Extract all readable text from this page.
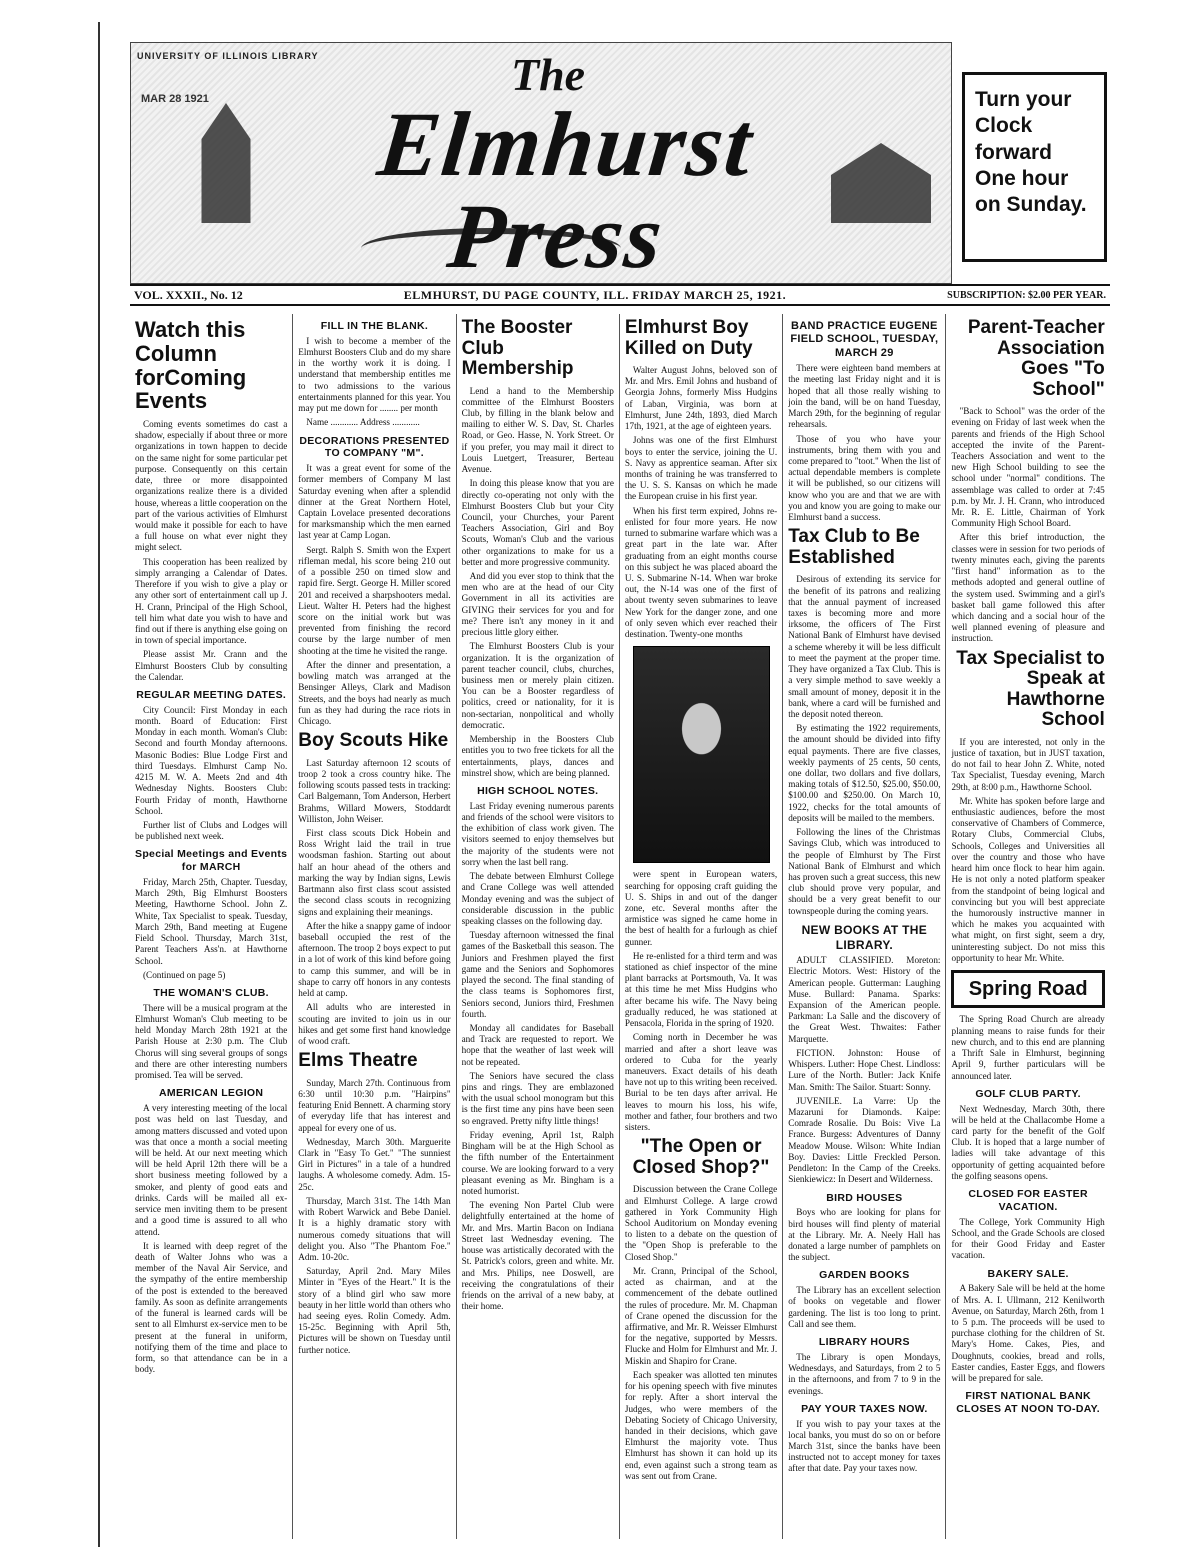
UNIVERSITY OF ILLINOIS LIBRARY
MAR 28 1921	The
Elmhurst Press
Turn your Clock forward One hour on Sunday.
VOL. XXXII., No. 12	ELMHURST, DU PAGE COUNTY, ILL. FRIDAY MARCH 25, 1921.	SUBSCRIPTION: $2.00 PER YEAR.
Watch this Column forComing Events

Coming events sometimes do cast a shadow, especially if about three or more organizations in town happen to decide on the same night for some particular pet purpose. Consequently on this certain date, three or more disappointed organizations realize there is a divided house, whereas a little cooperation on the part of the various activities of Elmhurst would make it possible for each to have a full house on what ever night they might select.

This cooperation has been realized by simply arranging a Calendar of Dates. Therefore if you wish to give a play or any other sort of entertainment call up J. H. Crann, Principal of the High School, tell him what date you wish to have and find out if there is anything else going on in town of special importance.

Please assist Mr. Crann and the Elmhurst Boosters Club by consulting the Calendar.

REGULAR MEETING DATES.

City Council: First Monday in each month. Board of Education: First Monday in each month. Woman's Club: Second and fourth Monday afternoons. Masonic Bodies: Blue Lodge First and third Tuesdays. Elmhurst Camp No. 4215 M. W. A. Meets 2nd and 4th Wednesday Nights. Boosters Club: Fourth Friday of month, Hawthorne School.

Further list of Clubs and Lodges will be published next week.

Special Meetings and Events for MARCH

Friday, March 25th, Chapter. Tuesday, March 29th, Big Elmhurst Boosters Meeting, Hawthorne School. John Z. White, Tax Specialist to speak. Tuesday, March 29th, Band meeting at Eugene Field School. Thursday, March 31st, Parent Teachers Ass'n. at Hawthorne School.

(Continued on page 5)

THE WOMAN'S CLUB.

There will be a musical program at the Elmhurst Woman's Club meeting to be held Monday March 28th 1921 at the Parish House at 2:30 p.m. The Club Chorus will sing several groups of songs and there are other interesting numbers promised. Tea will be served.

AMERICAN LEGION

A very interesting meeting of the local post was held on last Tuesday, and among matters discussed and voted upon was that once a month a social meeting will be held. At our next meeting which will be held April 12th there will be a short business meeting followed by a smoker, and plenty of good eats and drinks. Cards will be mailed all ex-service men inviting them to be present and a good time is assured to all who attend.

It is learned with deep regret of the death of Walter Johns who was a member of the Naval Air Service, and the sympathy of the entire membership of the post is extended to the bereaved family. As soon as definite arrangements of the funeral is learned cards will be sent to all Elmhurst ex-service men to be present at the funeral in uniform, notifying them of the time and place to form, so that attendance can be in a body.

FILL IN THE BLANK.

I wish to become a member of the Elmhurst Boosters Club and do my share in the worthy work it is doing. I understand that membership entitles me to two admissions to the various entertainments planned for this year. You may put me down for ........ per month

Name ............ Address ............

DECORATIONS PRESENTED TO COMPANY "M".

It was a great event for some of the former members of Company M last Saturday evening when after a splendid dinner at the Great Northern Hotel, Captain Lovelace presented decorations for marksmanship which the men earned last year at Camp Logan.

Sergt. Ralph S. Smith won the Expert rifleman medal, his score being 210 out of a possible 250 on timed slow and rapid fire. Sergt. George H. Miller scored 201 and received a sharpshooters medal. Lieut. Walter H. Peters had the highest score on the initial work but was prevented from finishing the record course by the large number of men shooting at the time he visited the range.

After the dinner and presentation, a bowling match was arranged at the Bensinger Alleys, Clark and Madison Streets, and the boys had nearly as much fun as they had during the race riots in Chicago.

Boy Scouts Hike

Last Saturday afternoon 12 scouts of troop 2 took a cross country hike. The following scouts passed tests in tracking: Carl Balgemann, Tom Anderson, Herbert Brahms, Willard Mowers, Stoddardt Williston, John Weiser.

First class scouts Dick Hobein and Ross Wright laid the trail in true woodsman fashion. Starting out about half an hour ahead of the others and marking the way by Indian signs, Lewis Bartmann also first class scout assisted the second class scouts in recognizing signs and explaining their meanings.

After the hike a snappy game of indoor baseball occupied the rest of the afternoon. The troop 2 boys expect to put in a lot of work of this kind before going to camp this summer, and will be in shape to carry off honors in any contests held at camp.

All adults who are interested in scouting are invited to join us in our hikes and get some first hand knowledge of wood craft.

Elms Theatre

Sunday, March 27th. Continuous from 6:30 until 10:30 p.m. "Hairpins" featuring Enid Bennett. A charming story of everyday life that has interest and appeal for every one of us.

Wednesday, March 30th. Marguerite Clark in "Easy To Get." "The sunniest Girl in Pictures" in a tale of a hundred laughs. A wholesome comedy. Adm. 15-25c.

Thursday, March 31st. The 14th Man with Robert Warwick and Bebe Daniel. It is a highly dramatic story with numerous comedy situations that will delight you. Also "The Phantom Foe." Adm. 10-20c.

Saturday, April 2nd. Mary Miles Minter in "Eyes of the Heart." It is the story of a blind girl who saw more beauty in her little world than others who had seeing eyes. Rolin Comedy. Adm. 15-25c. Beginning with April 5th, Pictures will be shown on Tuesday until further notice.

The Booster Club Membership

Lend a hand to the Membership committee of the Elmhurst Boosters Club, by filling in the blank below and mailing to either W. S. Dav, St. Charles Road, or Geo. Hasse, N. York Street. Or if you prefer, you may mail it direct to Louis Luetgert, Treasurer, Berteau Avenue.

In doing this please know that you are directly co-operating not only with the Elmhurst Boosters Club but your City Council, your Churches, your Parent Teachers Association, Girl and Boy Scouts, Woman's Club and the various other organizations to make for us a better and more progressive community.

And did you ever stop to think that the men who are at the head of our City Government in all its activities are GIVING their services for you and for me? There isn't any money in it and precious little glory either.

The Elmhurst Boosters Club is your organization. It is the organization of parent teacher council, clubs, churches, business men or merely plain citizen. You can be a Booster regardless of politics, creed or nationality, for it is non-sectarian, nonpolitical and wholly democratic.

Membership in the Boosters Club entitles you to two free tickets for all the entertainments, plays, dances and minstrel show, which are being planned.

HIGH SCHOOL NOTES.

Last Friday evening numerous parents and friends of the school were visitors to the exhibition of class work given. The visitors seemed to enjoy themselves but the majority of the students were not sorry when the last bell rang.

The debate between Elmhurst College and Crane College was well attended Monday evening and was the subject of considerable discussion in the public speaking classes on the following day.

Tuesday afternoon witnessed the final games of the Basketball this season. The Juniors and Freshmen played the first game and the Seniors and Sophomores played the second. The final standing of the class teams is Sophomores first, Seniors second, Juniors third, Freshmen fourth.

Monday all candidates for Baseball and Track are requested to report. We hope that the weather of last week will not be repeated.

The Seniors have secured the class pins and rings. They are emblazoned with the usual school monogram but this is the first time any pins have been seen so engraved. Pretty nifty little things!

Friday evening, April 1st, Ralph Bingham will be at the High School as the fifth number of the Entertainment course. We are looking forward to a very pleasant evening as Mr. Bingham is a noted humorist.

The evening Non Partel Club were delightfully entertained at the home of Mr. and Mrs. Martin Bacon on Indiana Street last Wednesday evening. The house was artistically decorated with the St. Patrick's colors, green and white. Mr. and Mrs. Philips, nee Doswell, are receiving the congratulations of their friends on the arrival of a new baby, at their home.

Elmhurst Boy Killed on Duty

Walter August Johns, beloved son of Mr. and Mrs. Emil Johns and husband of Georgia Johns, formerly Miss Hudgins of Laban, Virginia, was born at Elmhurst, June 24th, 1893, died March 17th, 1921, at the age of eighteen years.

Johns was one of the first Elmhurst boys to enter the service, joining the U. S. Navy as apprentice seaman. After six months of training he was transferred to the U. S. S. Kansas on which he made the European cruise in his first year.

When his first term expired, Johns re-enlisted for four more years. He now turned to submarine warfare which was a great part in the late war. After graduating from an eight months course on this subject he was placed aboard the U. S. Submarine N-14. When war broke out, the N-14 was one of the first of about twenty seven submarines to leave New York for the danger zone, and one of only seven which ever reached their destination. Twenty-one months

were spent in European waters, searching for opposing craft guiding the U. S. Ships in and out of the danger zone, etc. Several months after the armistice was signed he came home in the best of health for a furlough as chief gunner.

He re-enlisted for a third term and was stationed as chief inspector of the mine plant barracks at Portsmouth, Va. It was at this time he met Miss Hudgins who after became his wife. The Navy being gradually reduced, he was stationed at Pensacola, Florida in the spring of 1920.

Coming north in December he was married and after a short leave was ordered to Cuba for the yearly maneuvers. Exact details of his death have not up to this writing been received. Burial to be ten days after arrival. He leaves to mourn his loss, his wife, mother and father, four brothers and two sisters.

"The Open or Closed Shop?"

Discussion between the Crane College and Elmhurst College. A large crowd gathered in York Community High School Auditorium on Monday evening to listen to a debate on the question of the "Open Shop is preferable to the Closed Shop."

Mr. Crann, Principal of the School, acted as chairman, and at the commencement of the debate outlined the rules of procedure. Mr. M. Chapman of Crane opened the discussion for the affirmative, and Mr. R. Weisser Elmhurst for the negative, supported by Messrs. Flucke and Holm for Elmhurst and Mr. J. Miskin and Shapiro for Crane.

Each speaker was allotted ten minutes for his opening speech with five minutes for reply. After a short interval the Judges, who were members of the Debating Society of Chicago University, handed in their decisions, which gave Elmhurst the majority vote. Thus Elmhurst has shown it can hold up its end, even against such a strong team as was sent out from Crane.

BAND PRACTICE EUGENE FIELD SCHOOL, TUESDAY, MARCH 29

There were eighteen band members at the meeting last Friday night and it is hoped that all those really wishing to join the band, will be on hand Tuesday, March 29th, for the beginning of regular rehearsals.

Those of you who have your instruments, bring them with you and come prepared to "toot." When the list of actual dependable members is complete it will be published, so our citizens will know who you are and that we are with you and know you are going to make our Elmhurst band a success.

Tax Club to Be Established

Desirous of extending its service for the benefit of its patrons and realizing that the annual payment of increased taxes is becoming more and more irksome, the officers of The First National Bank of Elmhurst have devised a scheme whereby it will be less difficult to meet the payment at the proper time. They have organized a Tax Club. This is a very simple method to save weekly a small amount of money, deposit it in the bank, where a card will be furnished and the deposit noted thereon.

By estimating the 1922 requirements, the amount should be divided into fifty equal payments. There are five classes, weekly payments of 25 cents, 50 cents, one dollar, two dollars and five dollars, making totals of $12.50, $25.00, $50.00, $100.00 and $250.00. On March 10, 1922, checks for the total amounts of deposits will be mailed to the members.

Following the lines of the Christmas Savings Club, which was introduced to the people of Elmhurst by The First National Bank of Elmhurst and which has proven such a great success, this new club should prove very popular, and should be a very great benefit to our townspeople during the coming years.

NEW BOOKS AT THE LIBRARY.

ADULT CLASSIFIED. Moreton: Electric Motors. West: History of the American people. Gutterman: Laughing Muse. Bullard: Panama. Sparks: Expansion of the American people. Parkman: La Salle and the discovery of the Great West. Thwaites: Father Marquette.

FICTION. Johnston: House of Whispers. Luther: Hope Chest. Lindloss: Lure of the North. Butler: Jack Knife Man. Smith: The Sailor. Stuart: Sonny.

JUVENILE. La Varre: Up the Mazaruni for Diamonds. Kaipe: Comrade Rosalie. Du Bois: Vive La France. Burgess: Adventures of Danny Meadow Mouse. Wilson: White Indian Boy. Davies: Little Freckled Person. Pendleton: In the Camp of the Creeks. Sienkiewicz: In Desert and Wilderness.

BIRD HOUSES

Boys who are looking for plans for bird houses will find plenty of material at the Library. Mr. A. Neely Hall has donated a large number of pamphlets on the subject.

GARDEN BOOKS

The Library has an excellent selection of books on vegetable and flower gardening. The list is too long to print. Call and see them.

LIBRARY HOURS

The Library is open Mondays, Wednesdays, and Saturdays, from 2 to 5 in the afternoons, and from 7 to 9 in the evenings.

PAY YOUR TAXES NOW.

If you wish to pay your taxes at the local banks, you must do so on or before March 31st, since the banks have been instructed not to accept money for taxes after that date. Pay your taxes now.

Parent-Teacher Association Goes "To School"

"Back to School" was the order of the evening on Friday of last week when the parents and friends of the High School accepted the invite of the Parent-Teachers Association and went to the new High School building to see the school under "normal" conditions. The assemblage was called to order at 7:45 p.m. by Mr. J. H. Crann, who introduced Mr. R. E. Little, Chairman of York Community High School Board.

After this brief introduction, the classes were in session for two periods of twenty minutes each, giving the parents "first hand" information as to the methods adopted and general outline of the system used. Swimming and a girl's basket ball game followed this after which dancing and a social hour of the well planned evening of pleasure and instruction.

Tax Specialist to Speak at Hawthorne School

If you are interested, not only in the justice of taxation, but in JUST taxation, do not fail to hear John Z. White, noted Tax Specialist, Tuesday evening, March 29th, at 8:00 p.m., Hawthorne School.

Mr. White has spoken before large and enthusiastic audiences, before the most conservative of Chambers of Commerce, Rotary Clubs, Commercial Clubs, Schools, Colleges and Universities all over the country and those who have heard him once flock to hear him again. He is not only a noted platform speaker from the standpoint of being logical and convincing but you will best appreciate the humorously instructive manner in which he makes you acquainted with what might, on first sight, seem a dry, uninteresting subject. Do not miss this opportunity to hear Mr. White.

Spring Road

The Spring Road Church are already planning means to raise funds for their new church, and to this end are planning a Thrift Sale in Elmhurst, beginning April 9, further particulars will be announced later.

GOLF CLUB PARTY.

Next Wednesday, March 30th, there will be held at the Challacombe Home a card party for the benefit of the Golf Club. It is hoped that a large number of ladies will take advantage of this opportunity of getting acquainted before the golfing seasons opens.

CLOSED FOR EASTER VACATION.

The College, York Community High School, and the Grade Schools are closed for their Good Friday and Easter vacation.

BAKERY SALE.

A Bakery Sale will be held at the home of Mrs. A. I. Ullmann, 212 Kenilworth Avenue, on Saturday, March 26th, from 1 to 5 p.m. The proceeds will be used to purchase clothing for the children of St. Mary's Home. Cakes, Pies, and Doughnuts, cookies, bread and rolls, Easter candies, Easter Eggs, and flowers will be prepared for sale.

FIRST NATIONAL BANK CLOSES AT NOON TO-DAY.
